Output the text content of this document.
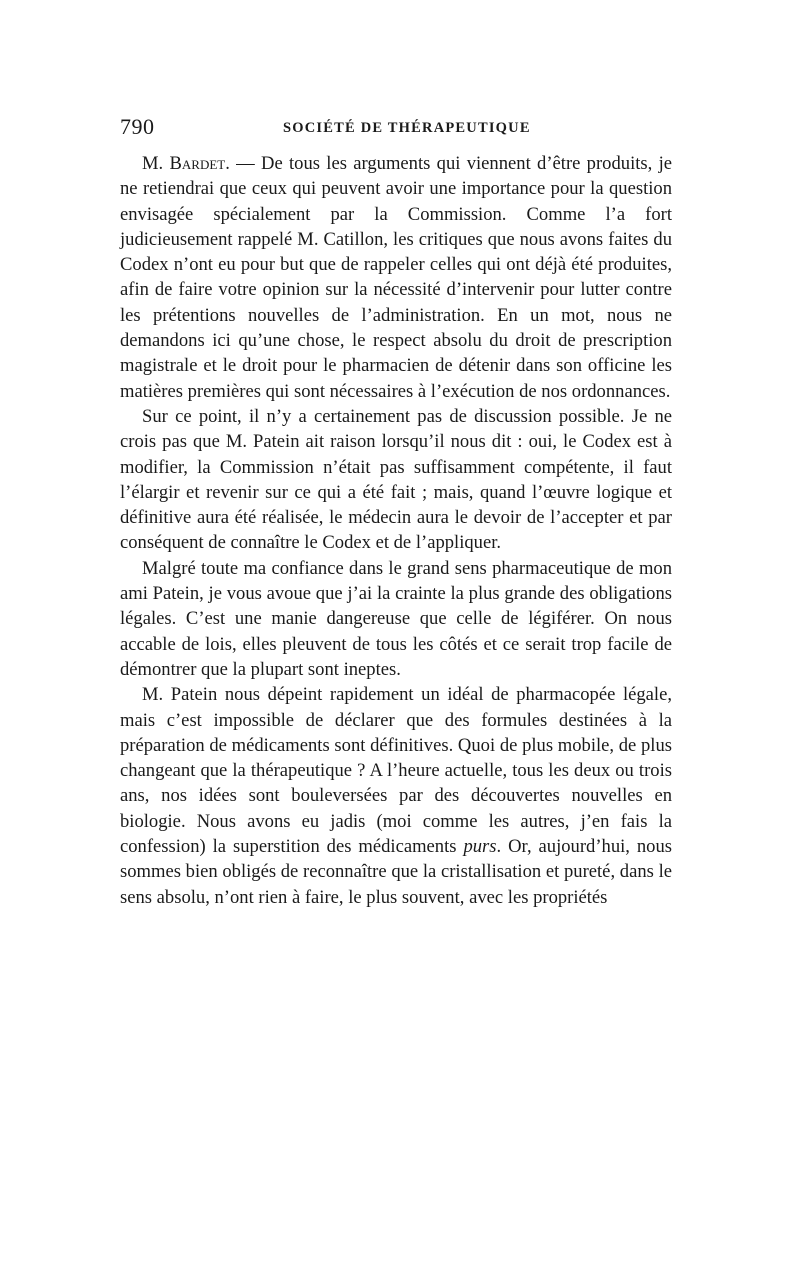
790	SOCIÉTÉ DE THÉRAPEUTIQUE

M. Bardet. — De tous les arguments qui viennent d’être produits, je ne retiendrai que ceux qui peuvent avoir une importance pour la question envisagée spécialement par la Commission. Comme l’a fort judicieusement rappelé M. Catillon, les critiques que nous avons faites du Codex n’ont eu pour but que de rappeler celles qui ont déjà été produites, afin de faire votre opinion sur la nécessité d’intervenir pour lutter contre les prétentions nouvelles de l’administration. En un mot, nous ne demandons ici qu’une chose, le respect absolu du droit de prescription magistrale et le droit pour le pharmacien de détenir dans son officine les matières premières qui sont nécessaires à l’exécution de nos ordonnances.

Sur ce point, il n’y a certainement pas de discussion possible. Je ne crois pas que M. Patein ait raison lorsqu’il nous dit : oui, le Codex est à modifier, la Commission n’était pas suffisamment compétente, il faut l’élargir et revenir sur ce qui a été fait ; mais, quand l’œuvre logique et définitive aura été réalisée, le médecin aura le devoir de l’accepter et par conséquent de connaître le Codex et de l’appliquer.

Malgré toute ma confiance dans le grand sens pharmaceutique de mon ami Patein, je vous avoue que j’ai la crainte la plus grande des obligations légales. C’est une manie dangereuse que celle de légiférer. On nous accable de lois, elles pleuvent de tous les côtés et ce serait trop facile de démontrer que la plupart sont ineptes.

M. Patein nous dépeint rapidement un idéal de pharmacopée légale, mais c’est impossible de déclarer que des formules destinées à la préparation de médicaments sont définitives. Quoi de plus mobile, de plus changeant que la thérapeutique ? A l’heure actuelle, tous les deux ou trois ans, nos idées sont bouleversées par des découvertes nouvelles en biologie. Nous avons eu jadis (moi comme les autres, j’en fais la confession) la superstition des médicaments purs. Or, aujourd’hui, nous sommes bien obligés de reconnaître que la cristallisation et pureté, dans le sens absolu, n’ont rien à faire, le plus souvent, avec les propriétés
